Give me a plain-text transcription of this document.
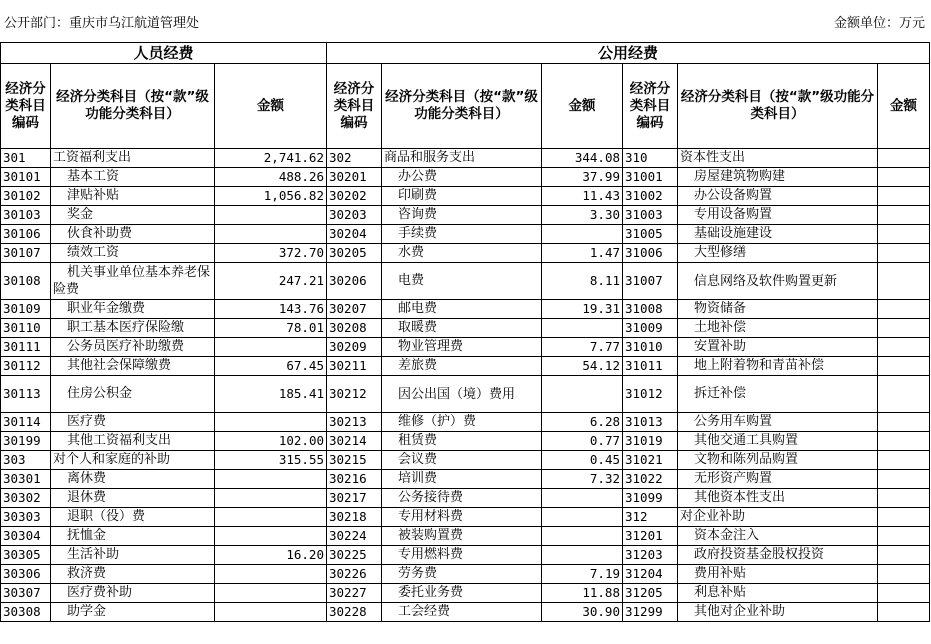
公开部门：重庆市乌江航道管理处	金额单位：万元
人员经费			公用经费					
经济分类科目编码	经济分类科目（按“款”级功能分类科目）	金额	经济分类科目编码	经济分类科目（按“款”级功能分类科目）	金额	经济分类科目编码	经济分类科目（按“款”级功能分类科目）	金额
301	工资福利支出	2,741.62	302	商品和服务支出	344.08	310	资本性支出	
30101	基本工资	488.26	30201	办公费	37.99	31001	房屋建筑物购建	
30102	津贴补贴	1,056.82	30202	印刷费	11.43	31002	办公设备购置	
30103	奖金		30203	咨询费	3.30	31003	专用设备购置	
30106	伙食补助费		30204	手续费		31005	基础设施建设	
30107	绩效工资	372.70	30205	水费	1.47	31006	大型修缮	
30108	机关事业单位基本养老保险费	247.21	30206	电费	8.11	31007	信息网络及软件购置更新	
30109	职业年金缴费	143.76	30207	邮电费	19.31	31008	物资储备	
30110	职工基本医疗保险缴	78.01	30208	取暖费		31009	土地补偿	
30111	公务员医疗补助缴费		30209	物业管理费	7.77	31010	安置补助	
30112	其他社会保障缴费	67.45	30211	差旅费	54.12	31011	地上附着物和青苗补偿	
30113	住房公积金	185.41	30212	因公出国（境）费用		31012	拆迁补偿	
30114	医疗费		30213	维修（护）费	6.28	31013	公务用车购置	
30199	其他工资福利支出	102.00	30214	租赁费	0.77	31019	其他交通工具购置	
303	对个人和家庭的补助	315.55	30215	会议费	0.45	31021	文物和陈列品购置	
30301	离休费		30216	培训费	7.32	31022	无形资产购置	
30302	退休费		30217	公务接待费		31099	其他资本性支出	
30303	退职（役）费		30218	专用材料费		312	对企业补助	
30304	抚恤金		30224	被装购置费		31201	资本金注入	
30305	生活补助	16.20	30225	专用燃料费		31203	政府投资基金股权投资	
30306	救济费		30226	劳务费	7.19	31204	费用补贴	
30307	医疗费补助		30227	委托业务费	11.88	31205	利息补贴	
30308	助学金		30228	工会经费	30.90	31299	其他对企业补助	
